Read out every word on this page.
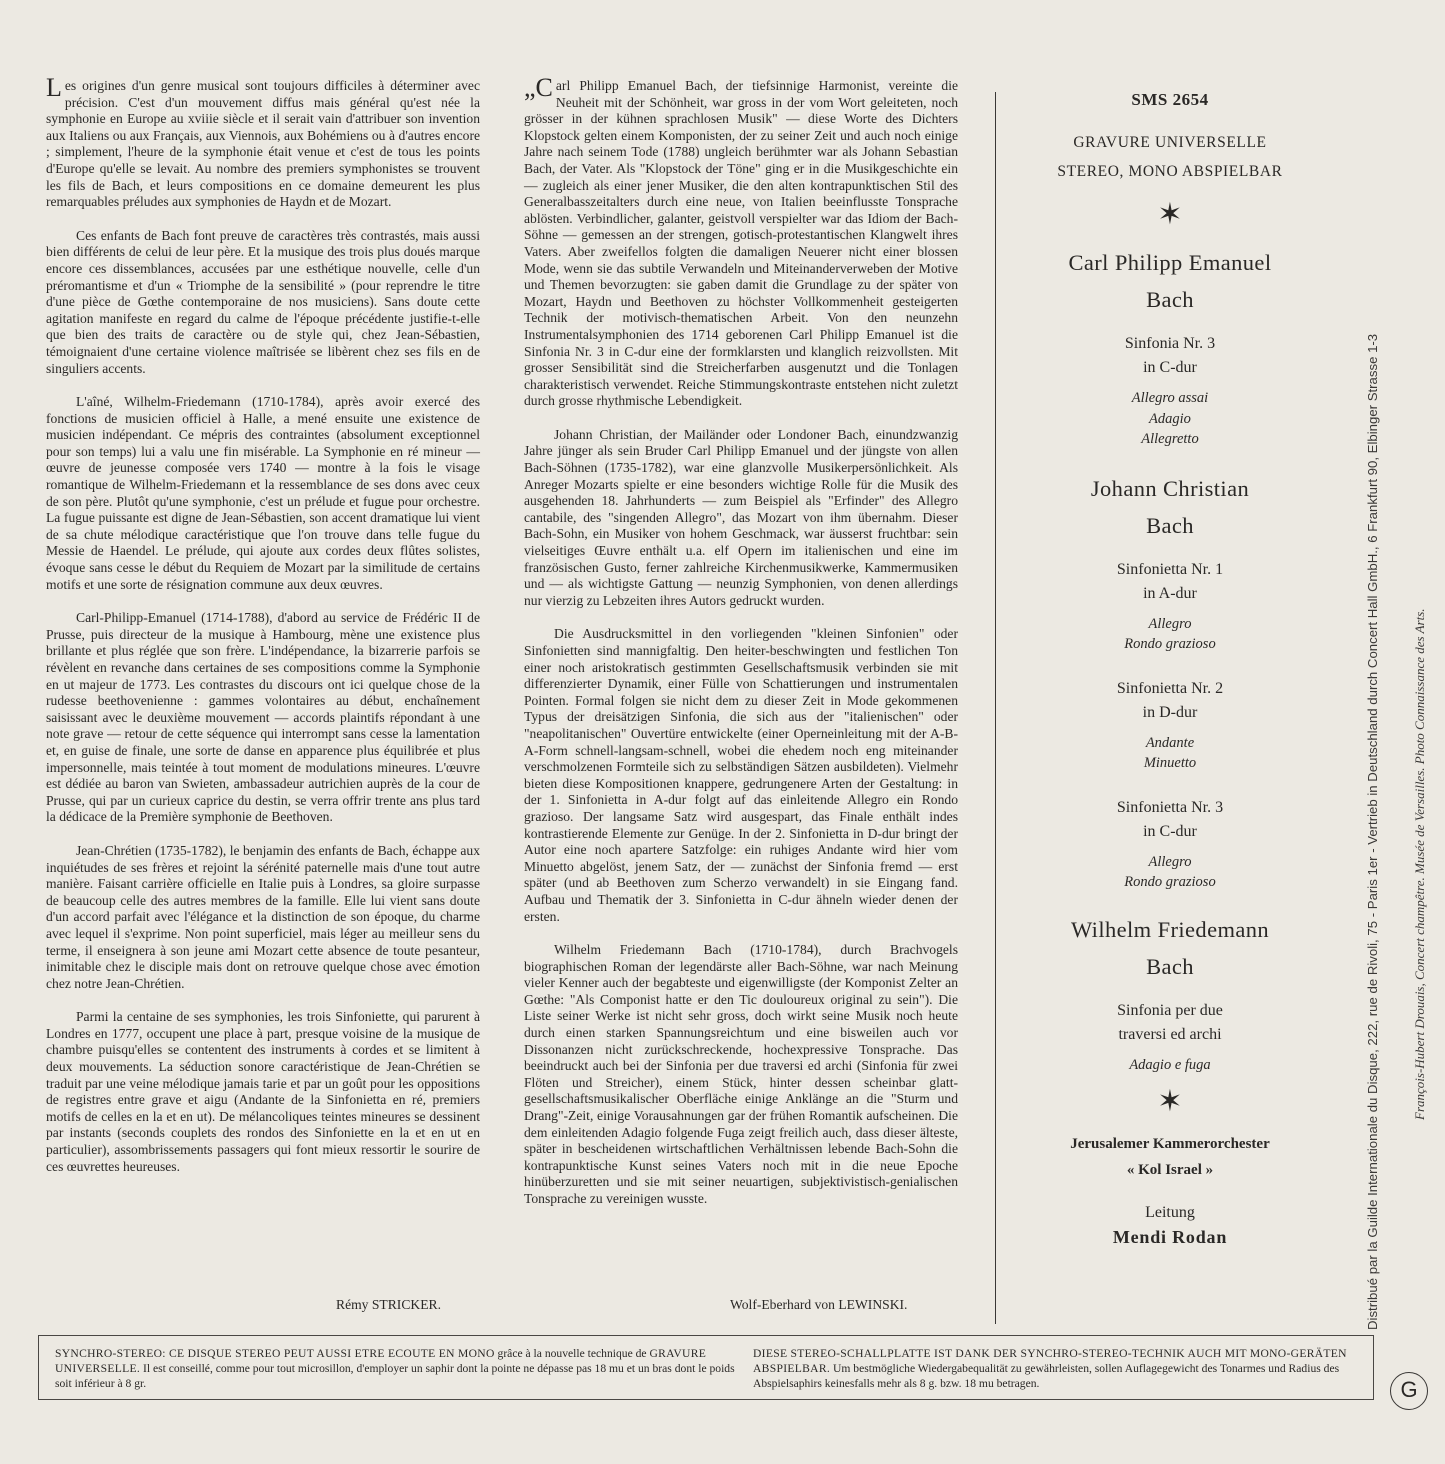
Les origines d'un genre musical sont toujours difficiles à déterminer avec précision. C'est d'un mouvement diffus mais général qu'est née la symphonie en Europe au xviiie siècle et il serait vain d'attribuer son invention aux Italiens ou aux Français, aux Viennois, aux Bohémiens ou à d'autres encore ; simplement, l'heure de la symphonie était venue et c'est de tous les points d'Europe qu'elle se levait. Au nombre des premiers symphonistes se trouvent les fils de Bach, et leurs compositions en ce domaine demeurent les plus remarquables préludes aux symphonies de Haydn et de Mozart.

Ces enfants de Bach font preuve de caractères très contrastés, mais aussi bien différents de celui de leur père. Et la musique des trois plus doués marque encore ces dissemblances, accusées par une esthétique nouvelle, celle d'un préromantisme et d'un « Triomphe de la sensibilité » (pour reprendre le titre d'une pièce de Gœthe contemporaine de nos musiciens). Sans doute cette agitation manifeste en regard du calme de l'époque précédente justifie-t-elle que bien des traits de caractère ou de style qui, chez Jean-Sébastien, témoignaient d'une certaine violence maîtrisée se libèrent chez ses fils en de singuliers accents.

L'aîné, Wilhelm-Friedemann (1710-1784), après avoir exercé des fonctions de musicien officiel à Halle, a mené ensuite une existence de musicien indépendant. Ce mépris des contraintes (absolument exceptionnel pour son temps) lui a valu une fin misérable. La Symphonie en ré mineur — œuvre de jeunesse composée vers 1740 — montre à la fois le visage romantique de Wilhelm-Friedemann et la ressemblance de ses dons avec ceux de son père. Plutôt qu'une symphonie, c'est un prélude et fugue pour orchestre. La fugue puissante est digne de Jean-Sébastien, son accent dramatique lui vient de sa chute mélodique caractéristique que l'on trouve dans telle fugue du Messie de Haendel. Le prélude, qui ajoute aux cordes deux flûtes solistes, évoque sans cesse le début du Requiem de Mozart par la similitude de certains motifs et une sorte de résignation commune aux deux œuvres.

Carl-Philipp-Emanuel (1714-1788), d'abord au service de Frédéric II de Prusse, puis directeur de la musique à Hambourg, mène une existence plus brillante et plus réglée que son frère. L'indépendance, la bizarrerie parfois se révèlent en revanche dans certaines de ses compositions comme la Symphonie en ut majeur de 1773. Les contrastes du discours ont ici quelque chose de la rudesse beethovenienne : gammes volontaires au début, enchaînement saisissant avec le deuxième mouvement — accords plaintifs répondant à une note grave — retour de cette séquence qui interrompt sans cesse la lamentation et, en guise de finale, une sorte de danse en apparence plus équilibrée et plus impersonnelle, mais teintée à tout moment de modulations mineures. L'œuvre est dédiée au baron van Swieten, ambassadeur autrichien auprès de la cour de Prusse, qui par un curieux caprice du destin, se verra offrir trente ans plus tard la dédicace de la Première symphonie de Beethoven.

Jean-Chrétien (1735-1782), le benjamin des enfants de Bach, échappe aux inquiétudes de ses frères et rejoint la sérénité paternelle mais d'une tout autre manière. Faisant carrière officielle en Italie puis à Londres, sa gloire surpasse de beaucoup celle des autres membres de la famille. Elle lui vient sans doute d'un accord parfait avec l'élégance et la distinction de son époque, du charme avec lequel il s'exprime. Non point superficiel, mais léger au meilleur sens du terme, il enseignera à son jeune ami Mozart cette absence de toute pesanteur, inimitable chez le disciple mais dont on retrouve quelque chose avec émotion chez notre Jean-Chrétien.

Parmi la centaine de ses symphonies, les trois Sinfoniette, qui parurent à Londres en 1777, occupent une place à part, presque voisine de la musique de chambre puisqu'elles se contentent des instruments à cordes et se limitent à deux mouvements. La séduction sonore caractéristique de Jean-Chrétien se traduit par une veine mélodique jamais tarie et par un goût pour les oppositions de registres entre grave et aigu (Andante de la Sinfonietta en ré, premiers motifs de celles en la et en ut). De mélancoliques teintes mineures se dessinent par instants (seconds couplets des rondos des Sinfoniette en la et en ut en particulier), assombrissements passagers qui font mieux ressortir le sourire de ces œuvrettes heureuses.

Rémy STRICKER.

„Carl Philipp Emanuel Bach, der tiefsinnige Harmonist, vereinte die Neuheit mit der Schönheit, war gross in der vom Wort geleiteten, noch grösser in der kühnen sprachlosen Musik" — diese Worte des Dichters Klopstock gelten einem Komponisten, der zu seiner Zeit und auch noch einige Jahre nach seinem Tode (1788) ungleich berühmter war als Johann Sebastian Bach, der Vater. Als "Klopstock der Töne" ging er in die Musikgeschichte ein — zugleich als einer jener Musiker, die den alten kontrapunktischen Stil des Generalbasszeitalters durch eine neue, von Italien beeinflusste Tonsprache ablösten. Verbindlicher, galanter, geistvoll verspielter war das Idiom der Bach-Söhne — gemessen an der strengen, gotisch-protestantischen Klangwelt ihres Vaters. Aber zweifellos folgten die damaligen Neuerer nicht einer blossen Mode, wenn sie das subtile Verwandeln und Miteinanderverweben der Motive und Themen bevorzugten: sie gaben damit die Grundlage zu der später von Mozart, Haydn und Beethoven zu höchster Vollkommenheit gesteigerten Technik der motivisch-thematischen Arbeit. Von den neunzehn Instrumentalsymphonien des 1714 geborenen Carl Philipp Emanuel ist die Sinfonia Nr. 3 in C-dur eine der formklarsten und klanglich reizvollsten. Mit grosser Sensibilität sind die Streicherfarben ausgenutzt und die Tonlagen charakteristisch verwendet. Reiche Stimmungskontraste entstehen nicht zuletzt durch grosse rhythmische Lebendigkeit.

Johann Christian, der Mailänder oder Londoner Bach, einundzwanzig Jahre jünger als sein Bruder Carl Philipp Emanuel und der jüngste von allen Bach-Söhnen (1735-1782), war eine glanzvolle Musikerpersönlichkeit. Als Anreger Mozarts spielte er eine besonders wichtige Rolle für die Musik des ausgehenden 18. Jahrhunderts — zum Beispiel als "Erfinder" des Allegro cantabile, des "singenden Allegro", das Mozart von ihm übernahm. Dieser Bach-Sohn, ein Musiker von hohem Geschmack, war äusserst fruchtbar: sein vielseitiges Œuvre enthält u.a. elf Opern im italienischen und eine im französischen Gusto, ferner zahlreiche Kirchenmusikwerke, Kammermusiken und — als wichtigste Gattung — neunzig Symphonien, von denen allerdings nur vierzig zu Lebzeiten ihres Autors gedruckt wurden.

Die Ausdrucksmittel in den vorliegenden "kleinen Sinfonien" oder Sinfonietten sind mannigfaltig. Den heiter-beschwingten und festlichen Ton einer noch aristokratisch gestimmten Gesellschaftsmusik verbinden sie mit differenzierter Dynamik, einer Fülle von Schattierungen und instrumentalen Pointen. Formal folgen sie nicht dem zu dieser Zeit in Mode gekommenen Typus der dreisätzigen Sinfonia, die sich aus der "italienischen" oder "neapolitanischen" Ouvertüre entwickelte (einer Operneinleitung mit der A-B-A-Form schnell-langsam-schnell, wobei die ehedem noch eng miteinander verschmolzenen Formteile sich zu selbständigen Sätzen ausbildeten). Vielmehr bieten diese Kompositionen knappere, gedrungenere Arten der Gestaltung: in der 1. Sinfonietta in A-dur folgt auf das einleitende Allegro ein Rondo grazioso. Der langsame Satz wird ausgespart, das Finale enthält indes kontrastierende Elemente zur Genüge. In der 2. Sinfonietta in D-dur bringt der Autor eine noch apartere Satzfolge: ein ruhiges Andante wird hier vom Minuetto abgelöst, jenem Satz, der — zunächst der Sinfonia fremd — erst später (und ab Beethoven zum Scherzo verwandelt) in sie Eingang fand. Aufbau und Thematik der 3. Sinfonietta in C-dur ähneln wieder denen der ersten.

Wilhelm Friedemann Bach (1710-1784), durch Brachvogels biographischen Roman der legendärste aller Bach-Söhne, war nach Meinung vieler Kenner auch der begabteste und eigenwilligste (der Komponist Zelter an Gœthe: "Als Componist hatte er den Tic douloureux original zu sein"). Die Liste seiner Werke ist nicht sehr gross, doch wirkt seine Musik noch heute durch einen starken Spannungsreichtum und eine bisweilen auch vor Dissonanzen nicht zurückschreckende, hochexpressive Tonsprache. Das beeindruckt auch bei der Sinfonia per due traversi ed archi (Sinfonia für zwei Flöten und Streicher), einem Stück, hinter dessen scheinbar glatt-gesellschaftsmusikalischer Oberfläche einige Anklänge an die "Sturm und Drang"-Zeit, einige Vorausahnungen gar der frühen Romantik aufscheinen. Die dem einleitenden Adagio folgende Fuga zeigt freilich auch, dass dieser älteste, später in bescheidenen wirtschaftlichen Verhältnissen lebende Bach-Sohn die kontrapunktische Kunst seines Vaters noch mit in die neue Epoche hinüberzuretten und sie mit seiner neuartigen, subjektivistisch-genialischen Tonsprache zu vereinigen wusste.

Wolf-Eberhard von LEWINSKI.
SMS 2654
GRAVURE UNIVERSELLE
STEREO, MONO ABSPIELBAR
✶
Carl Philipp Emanuel
Bach
Sinfonia Nr. 3
in C-dur
Allegro assai
Adagio
Allegretto
Johann Christian
Bach
Sinfonietta Nr. 1
in A-dur
Allegro
Rondo grazioso
Sinfonietta Nr. 2
in D-dur
Andante
Minuetto
Sinfonietta Nr. 3
in C-dur
Allegro
Rondo grazioso
Wilhelm Friedemann
Bach
Sinfonia per due
traversi ed archi
Adagio e fuga
✶
Jerusalemer Kammerorchester
« Kol Israel »
Leitung
Mendi Rodan	Distribué par la Guilde Internationale du Disque, 222, rue de Rivoli, 75 - Paris 1er - Vertrieb in Deutschland durch Concert Hall GmbH., 6 Frankfurt 90, Elbinger Strasse 1-3 François-Hubert Drouais, Concert champêtre. Musée de Versailles. Photo Connaissance des Arts.
SYNCHRO-STEREO: CE DISQUE STEREO PEUT AUSSI ETRE ECOUTE EN MONO grâce à la nouvelle technique de GRAVURE UNIVERSELLE. Il est conseillé, comme pour tout microsillon, d'employer un saphir dont la pointe ne dépasse pas 18 mu et un bras dont le poids soit inférieur à 8 gr.
DIESE STEREO-SCHALLPLATTE IST DANK DER SYNCHRO-STEREO-TECHNIK AUCH MIT MONO-GERÄTEN ABSPIELBAR. Um bestmögliche Wiedergabequalität zu gewährleisten, sollen Auflagegewicht des Tonarmes und Radius des Abspielsaphirs keinesfalls mehr als 8 g. bzw. 18 mu betragen.	G
